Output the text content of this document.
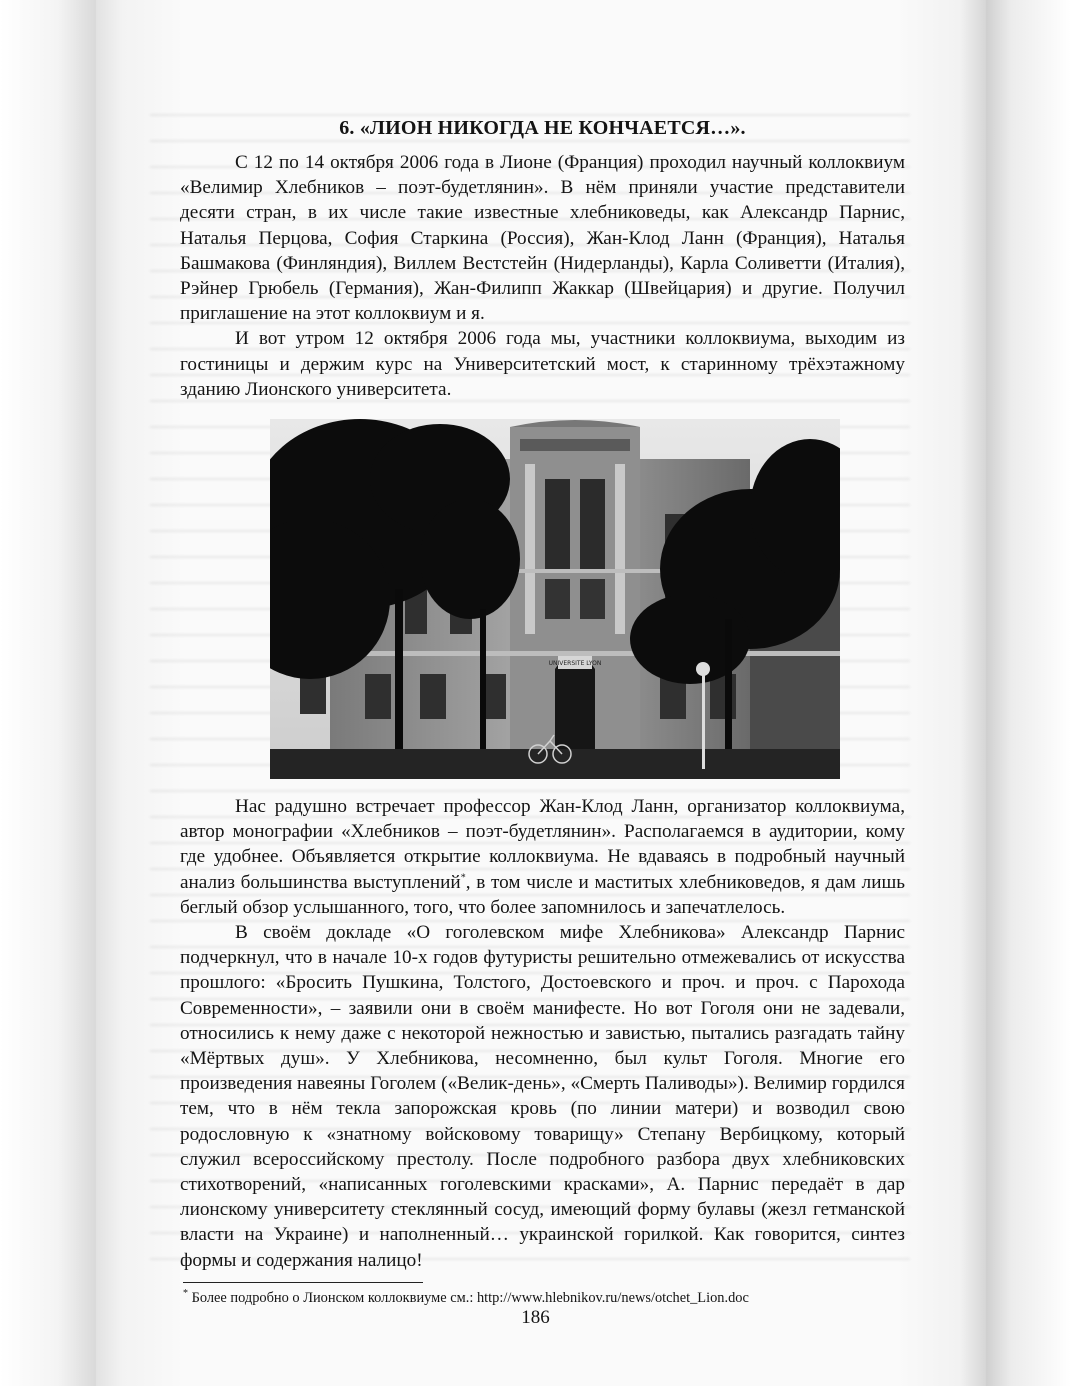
6. «ЛИОН НИКОГДА НЕ КОНЧАЕТСЯ…».

С 12 по 14 октября 2006 года в Лионе (Франция) проходил научный коллоквиум «Велимир Хлебников – поэт-будетлянин». В нём приняли участие представители десяти стран, в их числе такие известные хлебниковеды, как Александр Парнис, Наталья Перцова, София Старкина (Россия), Жан-Клод Ланн (Франция), Наталья Башмакова (Финляндия), Виллем Вестстейн (Нидерланды), Карла Соливетти (Италия), Рэйнер Грюбель (Германия), Жан-Филипп Жаккар (Швейцария) и другие. Получил приглашение на этот коллоквиум и я.

И вот утром 12 октября 2006 года мы, участники коллоквиума, выходим из гостиницы и держим курс на Университетский мост, к старинному трёхэтажному зданию Лионского университета.

UNIVERSITE LYON

Нас радушно встречает профессор Жан-Клод Ланн, организатор коллоквиума, автор монографии «Хлебников – поэт-будетлянин». Располагаемся в аудитории, кому где удобнее. Объявляется открытие коллоквиума. Не вдаваясь в подробный научный анализ большинства выступлений*, в том числе и маститых хлебниковедов, я дам лишь беглый обзор услышанного, того, что более запомнилось и запечатлелось.

В своём докладе «О гоголевском мифе Хлебникова» Александр Парнис подчеркнул, что в начале 10-х годов футуристы решительно отмежевались от искусства прошлого: «Бросить Пушкина, Толстого, Достоевского и проч. и проч. с Парохода Современности», – заявили они в своём манифесте. Но вот Гоголя они не задевали, относились к нему даже с некоторой нежностью и завистью, пытались разгадать тайну «Мёртвых душ». У Хлебникова, несомненно, был культ Гоголя. Многие его произведения навеяны Гоголем («Велик-день», «Смерть Паливоды»). Велимир гордился тем, что в нём текла запорожская кровь (по линии матери) и возводил свою родословную к «знатному войсковому товарищу» Степану Вербицкому, который служил всероссийскому престолу. После подробного разбора двух хлебниковских стихотворений, «написанных гоголевскими красками», А. Парнис передаёт в дар лионскому университету стеклянный сосуд, имеющий форму булавы (жезл гетманской власти на Украине) и наполненный… украинской горилкой. Как говорится, синтез формы и содержания налицо!

* Более подробно о Лионском коллоквиуме см.: http://www.hlebnikov.ru/news/otchet_Lion.doc
186
